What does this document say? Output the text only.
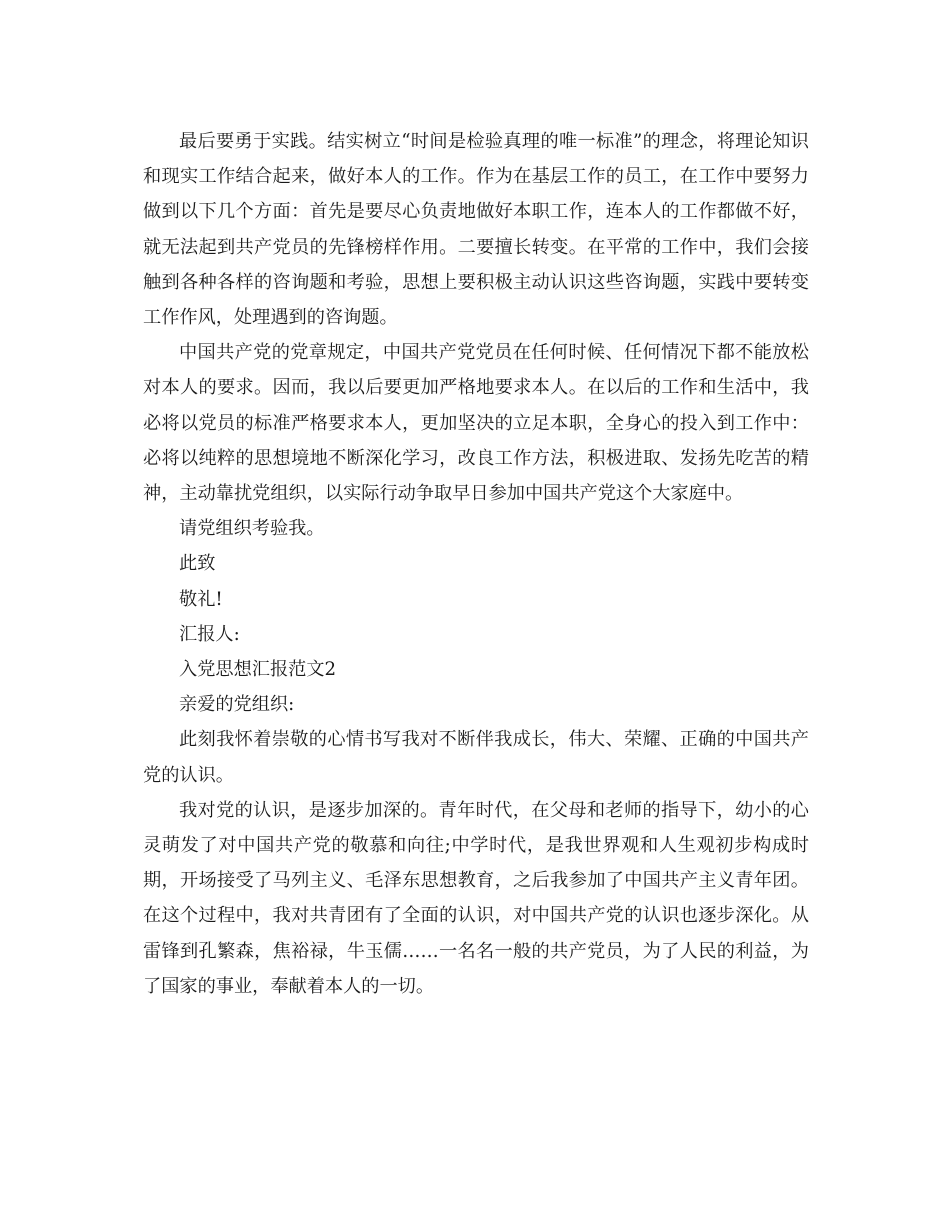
最后要勇于实践。结实树立“时间是检验真理的唯一标准”的理念，将理论知识和现实工作结合起来，做好本人的工作。作为在基层工作的员工，在工作中要努力做到以下几个方面：首先是要尽心负责地做好本职工作，连本人的工作都做不好，就无法起到共产党员的先锋榜样作用。二要擅长转变。在平常的工作中，我们会接触到各种各样的咨询题和考验，思想上要积极主动认识这些咨询题，实践中要转变工作作风，处理遇到的咨询题。

中国共产党的党章规定，中国共产党党员在任何时候、任何情况下都不能放松对本人的要求。因而，我以后要更加严格地要求本人。在以后的工作和生活中，我必将以党员的标准严格要求本人，更加坚决的立足本职，全身心的投入到工作中：必将以纯粹的思想境地不断深化学习，改良工作方法，积极进取、发扬先吃苦的精神，主动靠扰党组织，以实际行动争取早日参加中国共产党这个大家庭中。

请党组织考验我。

此致

敬礼!

汇报人:

入党思想汇报范文2

亲爱的党组织:

此刻我怀着崇敬的心情书写我对不断伴我成长，伟大、荣耀、正确的中国共产党的认识。

我对党的认识，是逐步加深的。青年时代，在父母和老师的指导下，幼小的心灵萌发了对中国共产党的敬慕和向往;中学时代，是我世界观和人生观初步构成时期，开场接受了马列主义、毛泽东思想教育，之后我参加了中国共产主义青年团。在这个过程中，我对共青团有了全面的认识，对中国共产党的认识也逐步深化。从雷锋到孔繁森，焦裕禄，牛玉儒……一名名一般的共产党员，为了人民的利益，为了国家的事业，奉献着本人的一切。
